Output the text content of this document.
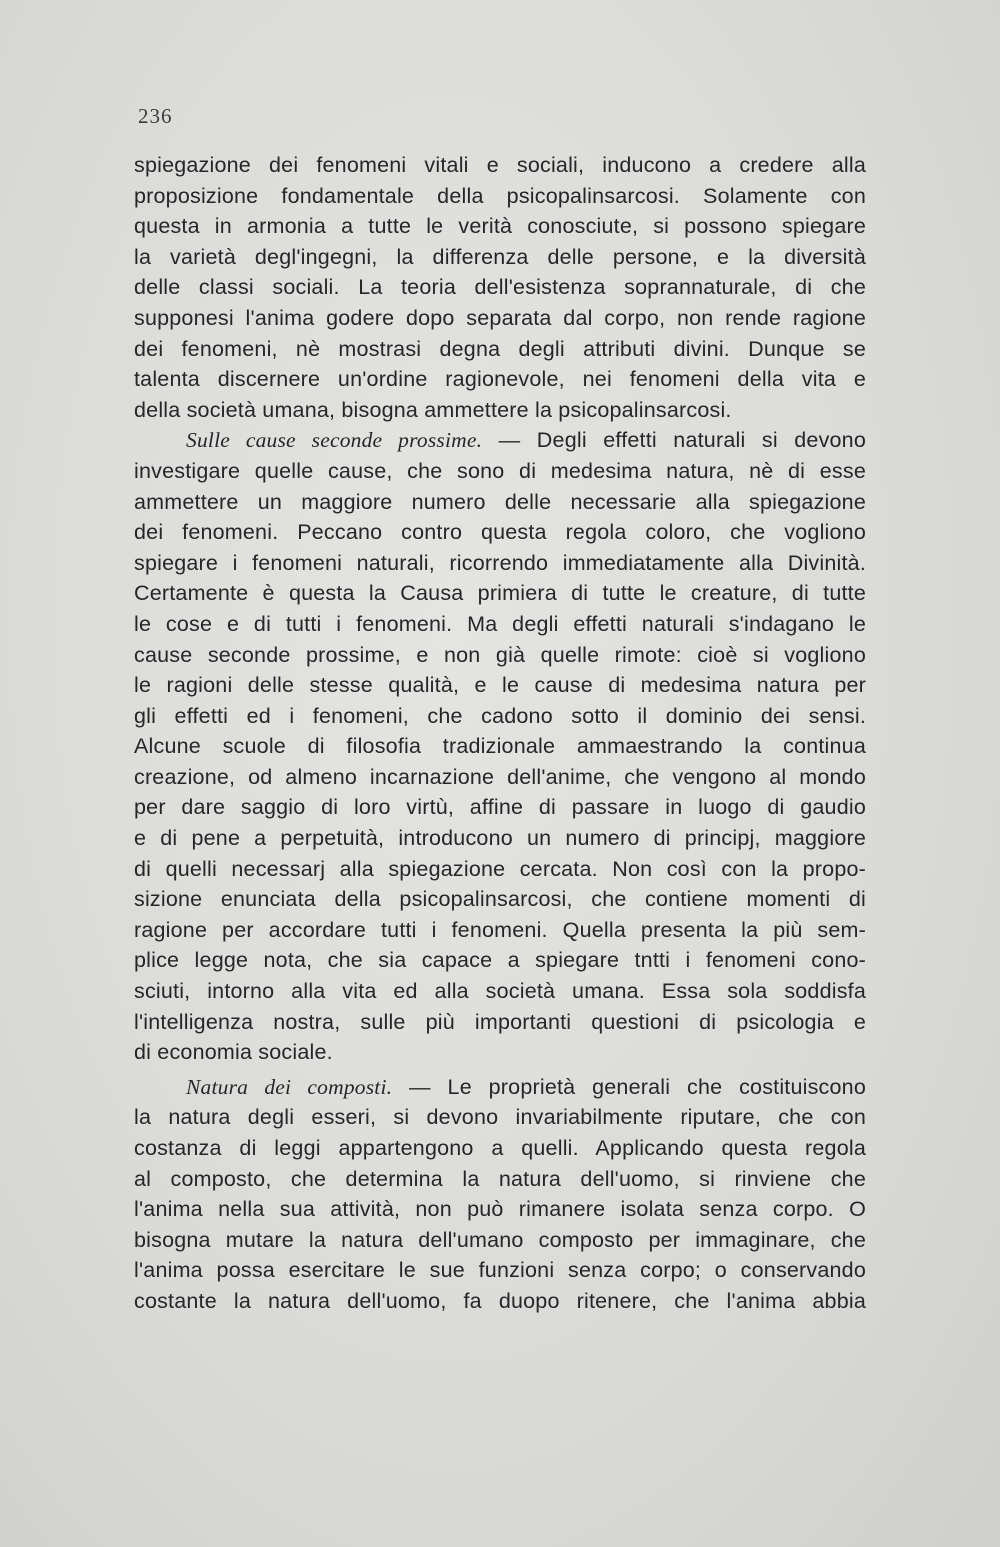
236
spiegazione dei fenomeni vitali e sociali, inducono a credere alla
proposizione fondamentale della psicopalinsarcosi. Solamente con
questa in armonia a tutte le verità conosciute, si possono spiegare
la varietà degl'ingegni, la differenza delle persone, e la diversità
delle classi sociali. La teoria dell'esistenza soprannaturale, di che
supponesi l'anima godere dopo separata dal corpo, non rende ragione
dei fenomeni, nè mostrasi degna degli attributi divini. Dunque se
talenta discernere un'ordine ragionevole, nei fenomeni della vita e
della società umana, bisogna ammettere la psicopalinsarcosi.
Sulle cause seconde prossime. — Degli effetti naturali si devono
investigare quelle cause, che sono di medesima natura, nè di esse
ammettere un maggiore numero delle necessarie alla spiegazione
dei fenomeni. Peccano contro questa regola coloro, che vogliono
spiegare i fenomeni naturali, ricorrendo immediatamente alla Divinità.
Certamente è questa la Causa primiera di tutte le creature, di tutte
le cose e di tutti i fenomeni. Ma degli effetti naturali s'indagano le
cause seconde prossime, e non già quelle rimote: cioè si vogliono
le ragioni delle stesse qualità, e le cause di medesima natura per
gli effetti ed i fenomeni, che cadono sotto il dominio dei sensi.
Alcune scuole di filosofia tradizionale ammaestrando la continua
creazione, od almeno incarnazione dell'anime, che vengono al mondo
per dare saggio di loro virtù, affine di passare in luogo di gaudio
e di pene a perpetuità, introducono un numero di principj, maggiore
di quelli necessarj alla spiegazione cercata. Non così con la propo-
sizione enunciata della psicopalinsarcosi, che contiene momenti di
ragione per accordare tutti i fenomeni. Quella presenta la più sem-
plice legge nota, che sia capace a spiegare tntti i fenomeni cono-
sciuti, intorno alla vita ed alla società umana. Essa sola soddisfa
l'intelligenza nostra, sulle più importanti questioni di psicologia e
di economia sociale.
Natura dei composti. — Le proprietà generali che costituiscono
la natura degli esseri, si devono invariabilmente riputare, che con
costanza di leggi appartengono a quelli. Applicando questa regola
al composto, che determina la natura dell'uomo, si rinviene che
l'anima nella sua attività, non può rimanere isolata senza corpo. O
bisogna mutare la natura dell'umano composto per immaginare, che
l'anima possa esercitare le sue funzioni senza corpo; o conservando
costante la natura dell'uomo, fa duopo ritenere, che l'anima abbia
